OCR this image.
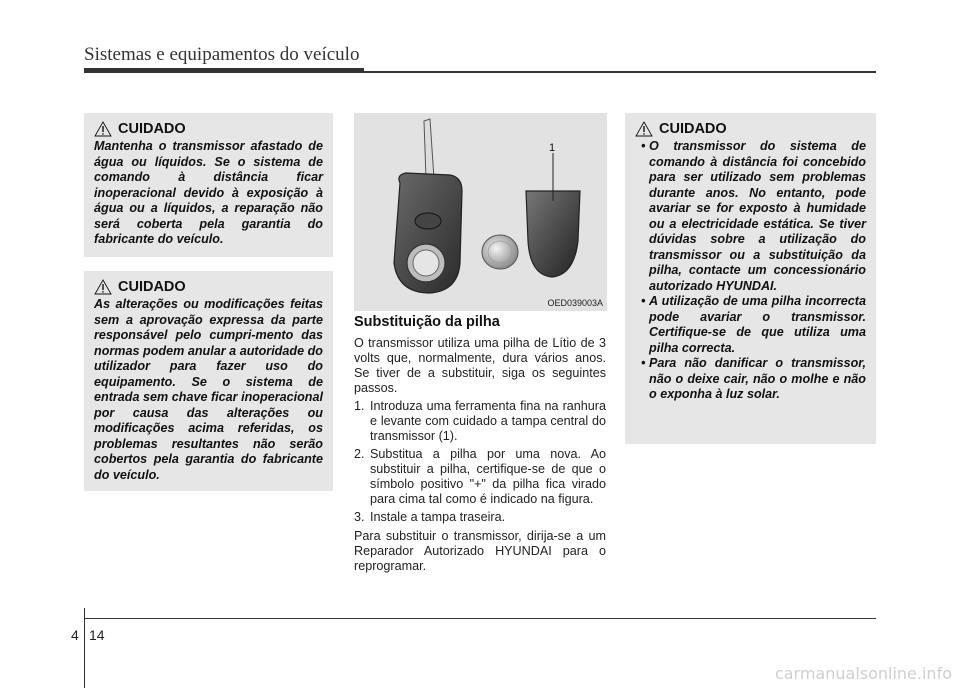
Sistemas e equipamentos do veículo
CUIDADO

Mantenha o transmissor afastado de água ou líquidos. Se o sistema de comando à distância ficar inoperacional devido à exposição à água ou a líquidos, a reparação não será coberta pela garantia do fabricante do veículo.

CUIDADO

As alterações ou modificações feitas sem a aprovação expressa da parte responsável pelo cumpri-mento das normas podem anular a autoridade do utilizador para fazer uso do equipamento. Se o sistema de entrada sem chave ficar inoperacional por causa das alterações ou modificações acima referidas, os problemas resultantes não serão cobertos pela garantia do fabricante do veículo.

1
OED039003A
Substituição da pilha

O transmissor utiliza uma pilha de Lítio de 3 volts que, normalmente, dura vários anos. Se tiver de a substituir, siga os seguintes passos.

1. Introduza uma ferramenta fina na ranhura e levante com cuidado a tampa central do transmissor (1).
2. Substitua a pilha por uma nova. Ao substituir a pilha, certifique-se de que o símbolo positivo "+" da pilha fica virado para cima tal como é indicado na figura.
3. Instale a tampa traseira.

Para substituir o transmissor, dirija-se a um Reparador Autorizado HYUNDAI para o reprogramar.

CUIDADO
• O transmissor do sistema de comando à distância foi concebido para ser utilizado sem problemas durante anos. No entanto, pode avariar se for exposto à humidade ou a electricidade estática. Se tiver dúvidas sobre a utilização do transmissor ou a substituição da pilha, contacte um concessionário autorizado HYUNDAI.
• A utilização de uma pilha incorrecta pode avariar o transmissor. Certifique-se de que utiliza uma pilha correcta.
• Para não danificar o transmissor, não o deixe cair, não o molhe e não o exponha à luz solar.
4 14
carmanualsonline.info
